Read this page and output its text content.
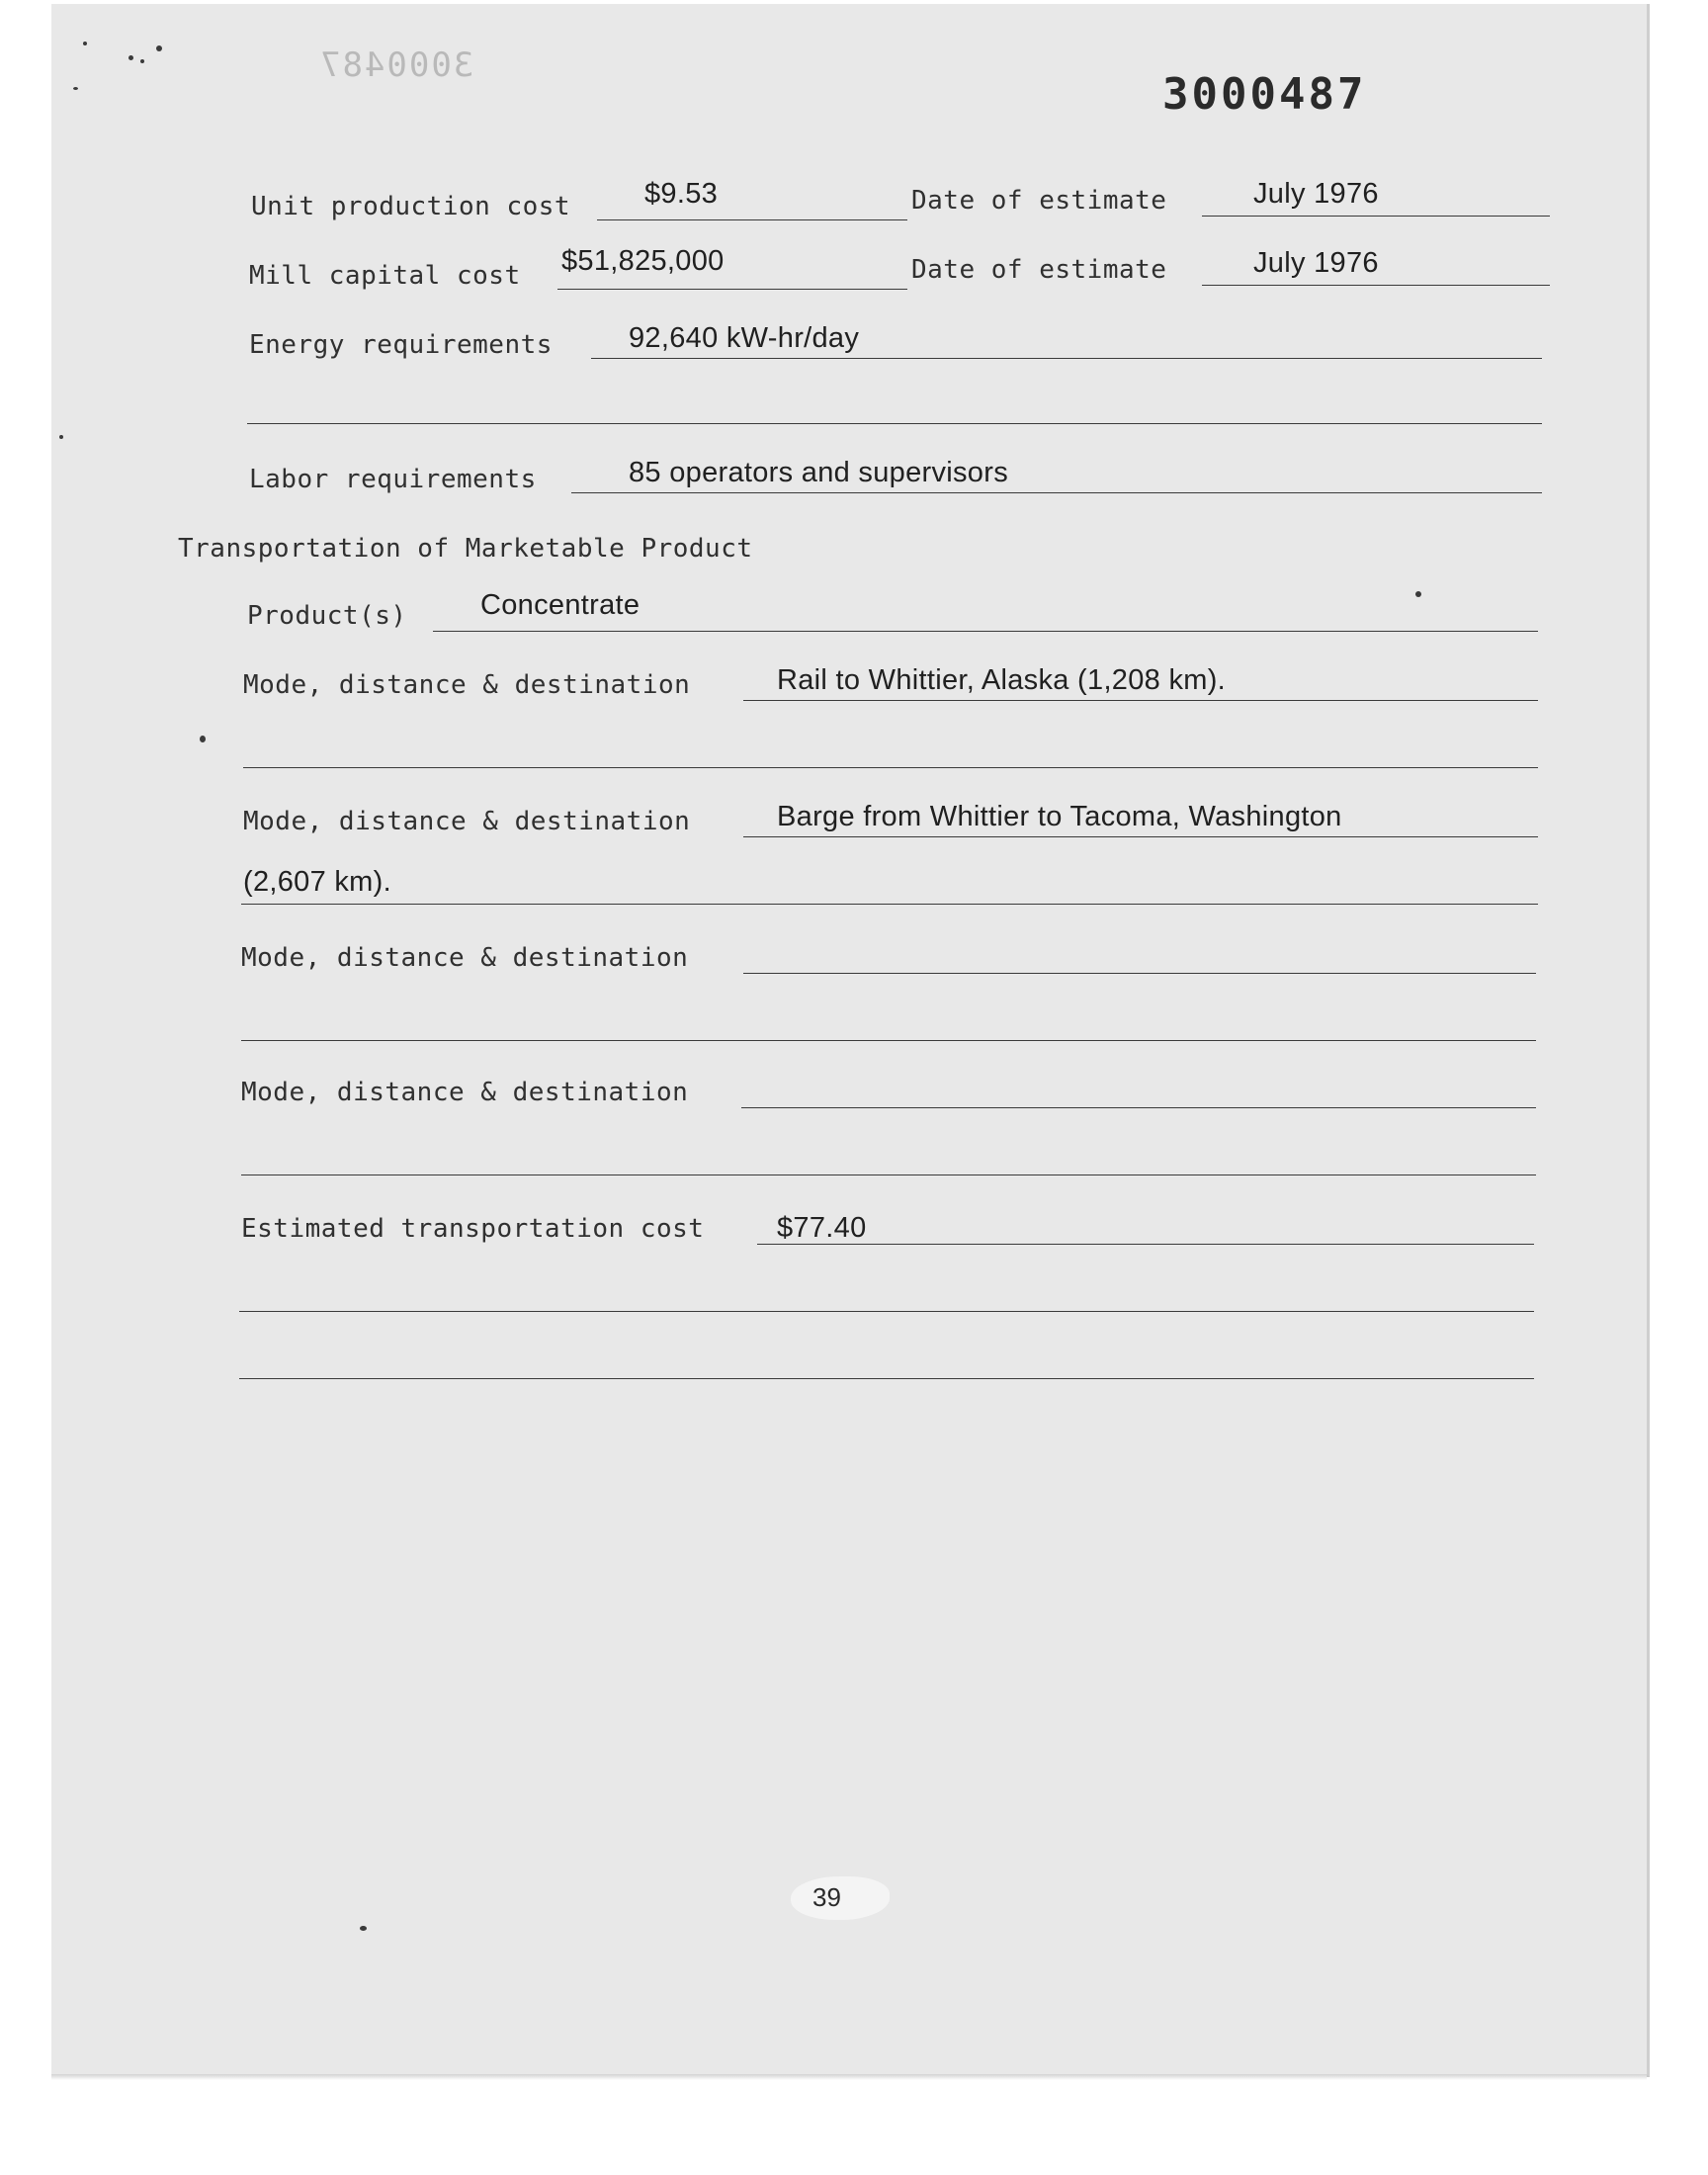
3000487
3000487
Unit production cost	$9.53	Date of estimate	July 1976
Mill capital cost $51,825,000	Date of estimate	July 1976
Energy requirements	92,640 kW-hr/day
Labor requirements	85 operators and supervisors
Transportation of Marketable Product
Product(s)	Concentrate
Mode, distance & destination	Rail to Whittier, Alaska (1,208 km).
Mode, distance & destination	Barge from Whittier to Tacoma, Washington
(2,607 km).
Mode, distance & destination
Mode, distance & destination
Estimated transportation cost	$77.40
39
